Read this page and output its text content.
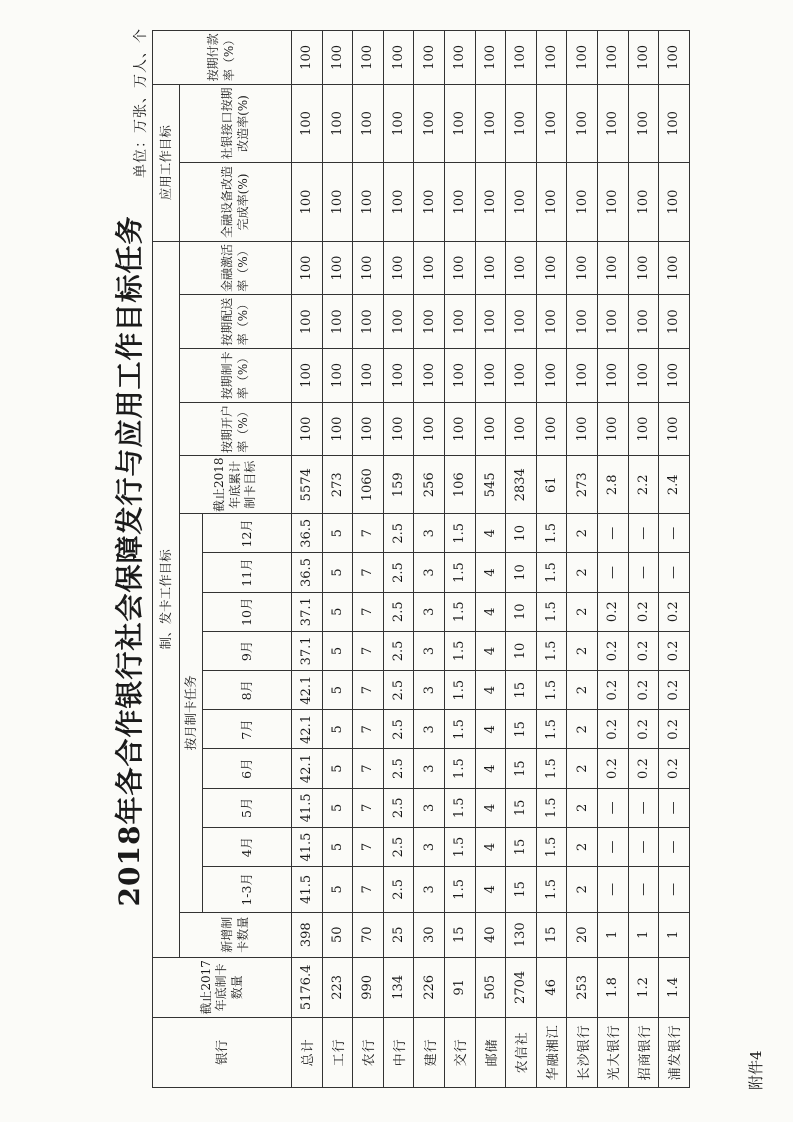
2018年各合作银行社会保障发行与应用工作目标任务
单位：万张、万人、个
银行	截止2017年底制卡数量	制、发卡工作目标																应用工作目标		按期付款率（%）
		新增制卡数量	按月制卡任务										截止2018年底累计制卡目标	按期开户率（%）	按期制卡率（%）	按期配送率（%）	金融激活率（%）	全融设备改造完成率(%)	社银接口按期改造率(%)	
			1-3月	4月	5月	6月	7月	8月	9月	10月	11月	12月								
总计	5176.4	398	41.5	41.5	41.5	42.1	42.1	42.1	37.1	37.1	36.5	36.5	5574	100	100	100	100	100	100	100
工行	223	50	5	5	5	5	5	5	5	5	5	5	273	100	100	100	100	100	100	100
农行	990	70	7	7	7	7	7	7	7	7	7	7	1060	100	100	100	100	100	100	100
中行	134	25	2.5	2.5	2.5	2.5	2.5	2.5	2.5	2.5	2.5	2.5	159	100	100	100	100	100	100	100
建行	226	30	3	3	3	3	3	3	3	3	3	3	256	100	100	100	100	100	100	100
交行	91	15	1.5	1.5	1.5	1.5	1.5	1.5	1.5	1.5	1.5	1.5	106	100	100	100	100	100	100	100
邮储	505	40	4	4	4	4	4	4	4	4	4	4	545	100	100	100	100	100	100	100
农信社	2704	130	15	15	15	15	15	15	10	10	10	10	2834	100	100	100	100	100	100	100
华融湘江	46	15	1.5	1.5	1.5	1.5	1.5	1.5	1.5	1.5	1.5	1.5	61	100	100	100	100	100	100	100
长沙银行	253	20	2	2	2	2	2	2	2	2	2	2	273	100	100	100	100	100	100	100
光大银行	1.8	1	—	—	—	0.2	0.2	0.2	0.2	0.2	—	—	2.8	100	100	100	100	100	100	100
招商银行	1.2	1	—	—	—	0.2	0.2	0.2	0.2	0.2	—	—	2.2	100	100	100	100	100	100	100
浦发银行	1.4	1	—	—	—	0.2	0.2	0.2	0.2	0.2	—	—	2.4	100	100	100	100	100	100	100
附件4
